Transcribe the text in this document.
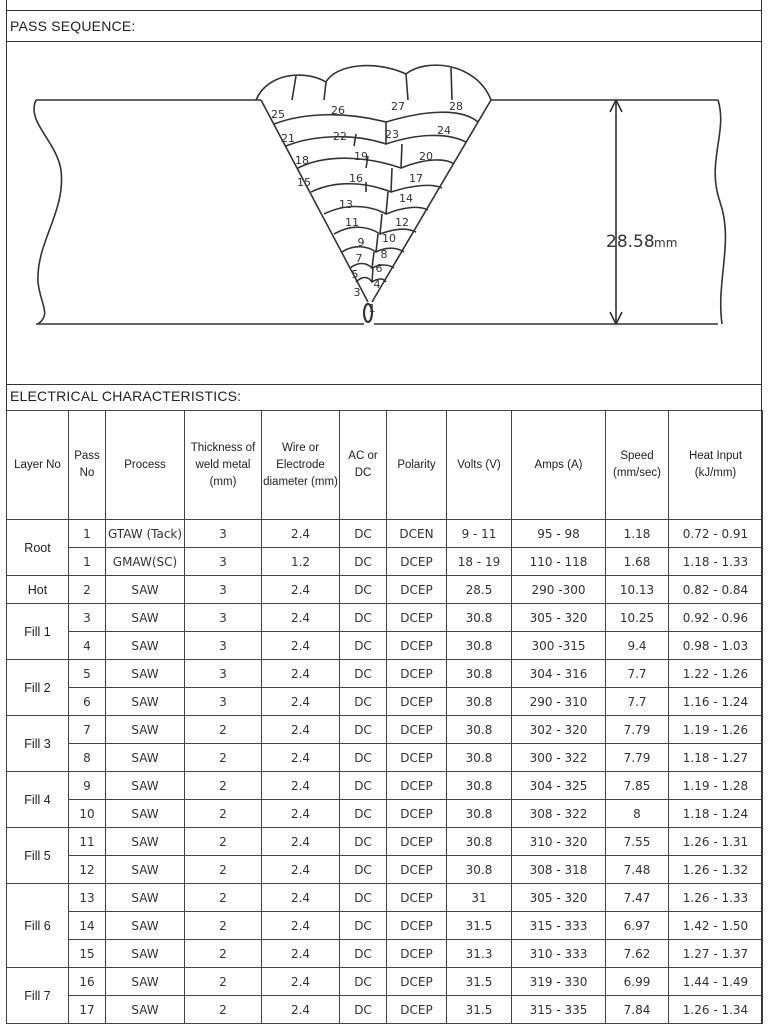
PASS SEQUENCE:
1
3
4
5 6
7 8
9 10
11	12
13	14
15	16	17
18	19	20
21	22	23	24
25	26	27	28
28.58 mm
ELECTRICAL CHARACTERISTICS:
Layer No	Pass No	Process	Thickness of weld metal (mm)	Wire or Electrode diameter (mm)	AC or DC	Polarity	Volts (V)	Amps (A)	Speed (mm/sec)	Heat Input (kJ/mm)
Root	1	GTAW (Tack)	3	2.4	DC	DCEN	9 - 11	95 - 98	1.18	0.72 - 0.91
	1	GMAW(SC)	3	1.2	DC	DCEP	18 - 19	110 - 118	1.68	1.18 - 1.33
Hot	2	SAW	3	2.4	DC	DCEP	28.5	290 -300	10.13	0.82 - 0.84
Fill 1	3	SAW	3	2.4	DC	DCEP	30.8	305 - 320	10.25	0.92 - 0.96
	4	SAW	3	2.4	DC	DCEP	30.8	300 -315	9.4	0.98 - 1.03
Fill 2	5	SAW	3	2.4	DC	DCEP	30.8	304 - 316	7.7	1.22 - 1.26
	6	SAW	3	2.4	DC	DCEP	30.8	290 - 310	7.7	1.16 - 1.24
Fill 3	7	SAW	2	2.4	DC	DCEP	30.8	302 - 320	7.79	1.19 - 1.26
	8	SAW	2	2.4	DC	DCEP	30.8	300 - 322	7.79	1.18 - 1.27
Fill 4	9	SAW	2	2.4	DC	DCEP	30.8	304 - 325	7.85	1.19 - 1.28
	10	SAW	2	2.4	DC	DCEP	30.8	308 - 322	8	1.18 - 1.24
Fill 5	11	SAW	2	2.4	DC	DCEP	30.8	310 - 320	7.55	1.26 - 1.31
	12	SAW	2	2.4	DC	DCEP	30.8	308 - 318	7.48	1.26 - 1.32
Fill 6	13	SAW	2	2.4	DC	DCEP	31	305 - 320	7.47	1.26 - 1.33
	14	SAW	2	2.4	DC	DCEP	31.5	315 - 333	6.97	1.42 - 1.50
	15	SAW	2	2.4	DC	DCEP	31.3	310 - 333	7.62	1.27 - 1.37
Fill 7	16	SAW	2	2.4	DC	DCEP	31.5	319 - 330	6.99	1.44 - 1.49
	17	SAW	2	2.4	DC	DCEP	31.5	315 - 335	7.84	1.26 - 1.34
